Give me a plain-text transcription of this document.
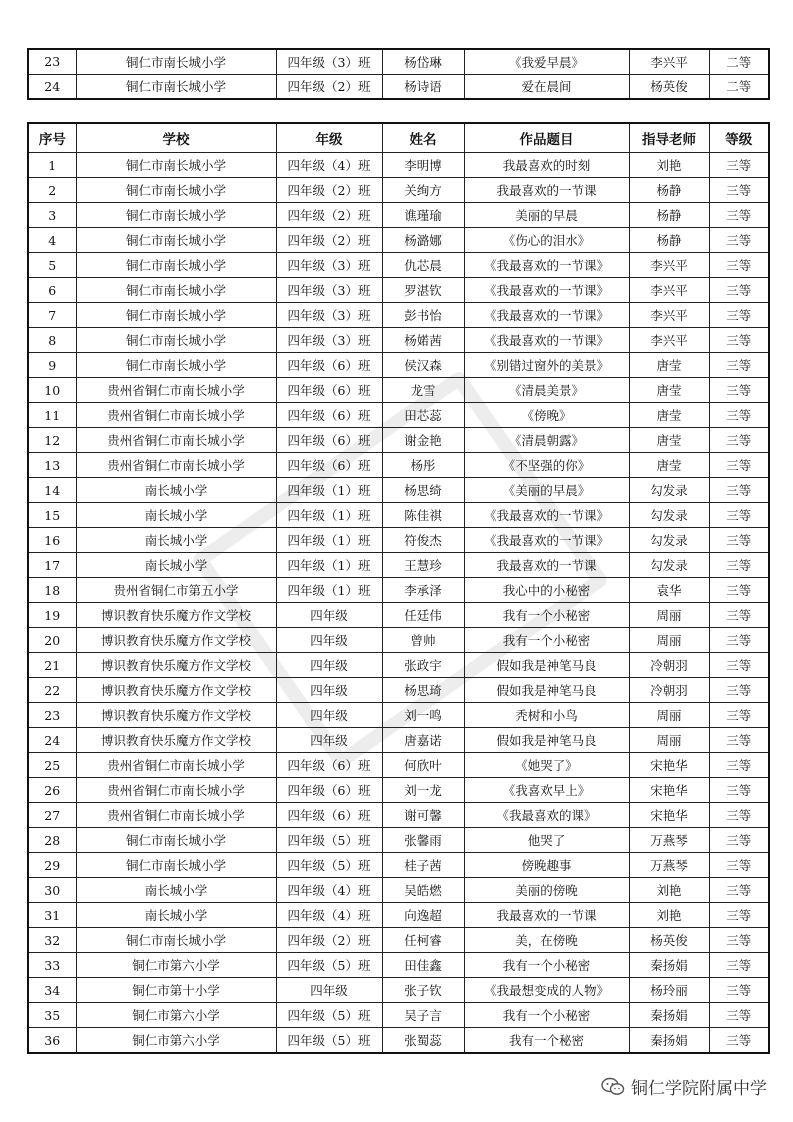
23	铜仁市南长城小学	四年级（3）班	杨岱琳	《我爱早晨》	李兴平	二等
24	铜仁市南长城小学	四年级（2）班	杨诗语	爱在晨间	杨英俊	二等
序号	学校	年级	姓名	作品题目	指导老师	等级
1	铜仁市南长城小学	四年级（4）班	李明博	我最喜欢的时刻	刘艳	三等
2	铜仁市南长城小学	四年级（2）班	关绚方	我最喜欢的一节课	杨静	三等
3	铜仁市南长城小学	四年级（2）班	谯瑾瑜	美丽的早晨	杨静	三等
4	铜仁市南长城小学	四年级（2）班	杨潞娜	《伤心的泪水》	杨静	三等
5	铜仁市南长城小学	四年级（3）班	仇芯晨	《我最喜欢的一节课》	李兴平	三等
6	铜仁市南长城小学	四年级（3）班	罗湛钦	《我最喜欢的一节课》	李兴平	三等
7	铜仁市南长城小学	四年级（3）班	彭书怡	《我最喜欢的一节课》	李兴平	三等
8	铜仁市南长城小学	四年级（3）班	杨婼茜	《我最喜欢的一节课》	李兴平	三等
9	铜仁市南长城小学	四年级（6）班	侯汉森	《别错过窗外的美景》	唐莹	三等
10	贵州省铜仁市南长城小学	四年级（6）班	龙雪	《清晨美景》	唐莹	三等
11	贵州省铜仁市南长城小学	四年级（6）班	田芯蕊	《傍晚》	唐莹	三等
12	贵州省铜仁市南长城小学	四年级（6）班	谢金艳	《清晨朝露》	唐莹	三等
13	贵州省铜仁市南长城小学	四年级（6）班	杨彤	《不坚强的你》	唐莹	三等
14	南长城小学	四年级（1）班	杨思绮	《美丽的早晨》	勾发录	三等
15	南长城小学	四年级（1）班	陈佳祺	《我最喜欢的一节课》	勾发录	三等
16	南长城小学	四年级（1）班	符俊杰	《我最喜欢的一节课》	勾发录	三等
17	南长城小学	四年级（1）班	王慧珍	我最喜欢的一节课	勾发录	三等
18	贵州省铜仁市第五小学	四年级（1）班	李承泽	我心中的小秘密	袁华	三等
19	博识教育快乐魔方作文学校	四年级	任廷伟	我有一个小秘密	周丽	三等
20	博识教育快乐魔方作文学校	四年级	曾帅	我有一个小秘密	周丽	三等
21	博识教育快乐魔方作文学校	四年级	张政宇	假如我是神笔马良	冷朝羽	三等
22	博识教育快乐魔方作文学校	四年级	杨思琦	假如我是神笔马良	冷朝羽	三等
23	博识教育快乐魔方作文学校	四年级	刘一鸣	秃树和小鸟	周丽	三等
24	博识教育快乐魔方作文学校	四年级	唐嘉诺	假如我是神笔马良	周丽	三等
25	贵州省铜仁市南长城小学	四年级（6）班	何欣叶	《她哭了》	宋艳华	三等
26	贵州省铜仁市南长城小学	四年级（6）班	刘一龙	《我喜欢早上》	宋艳华	三等
27	贵州省铜仁市南长城小学	四年级（6）班	谢可馨	《我最喜欢的课》	宋艳华	三等
28	铜仁市南长城小学	四年级（5）班	张馨雨	他哭了	万燕琴	三等
29	铜仁市南长城小学	四年级（5）班	桂子茜	傍晚趣事	万燕琴	三等
30	南长城小学	四年级（4）班	吴皓燃	美丽的傍晚	刘艳	三等
31	南长城小学	四年级（4）班	向逸超	我最喜欢的一节课	刘艳	三等
32	铜仁市南长城小学	四年级（2）班	任柯睿	美，在傍晚	杨英俊	三等
33	铜仁市第六小学	四年级（5）班	田佳鑫	我有一个小秘密	秦扬娟	三等
34	铜仁市第十小学	四年级	张子钦	《我最想变成的人物》	杨玲丽	三等
35	铜仁市第六小学	四年级（5）班	吴子言	我有一个小秘密	秦扬娟	三等
36	铜仁市第六小学	四年级（5）班	张蜀蕊	我有一个秘密	秦扬娟	三等
铜仁学院附属中学
